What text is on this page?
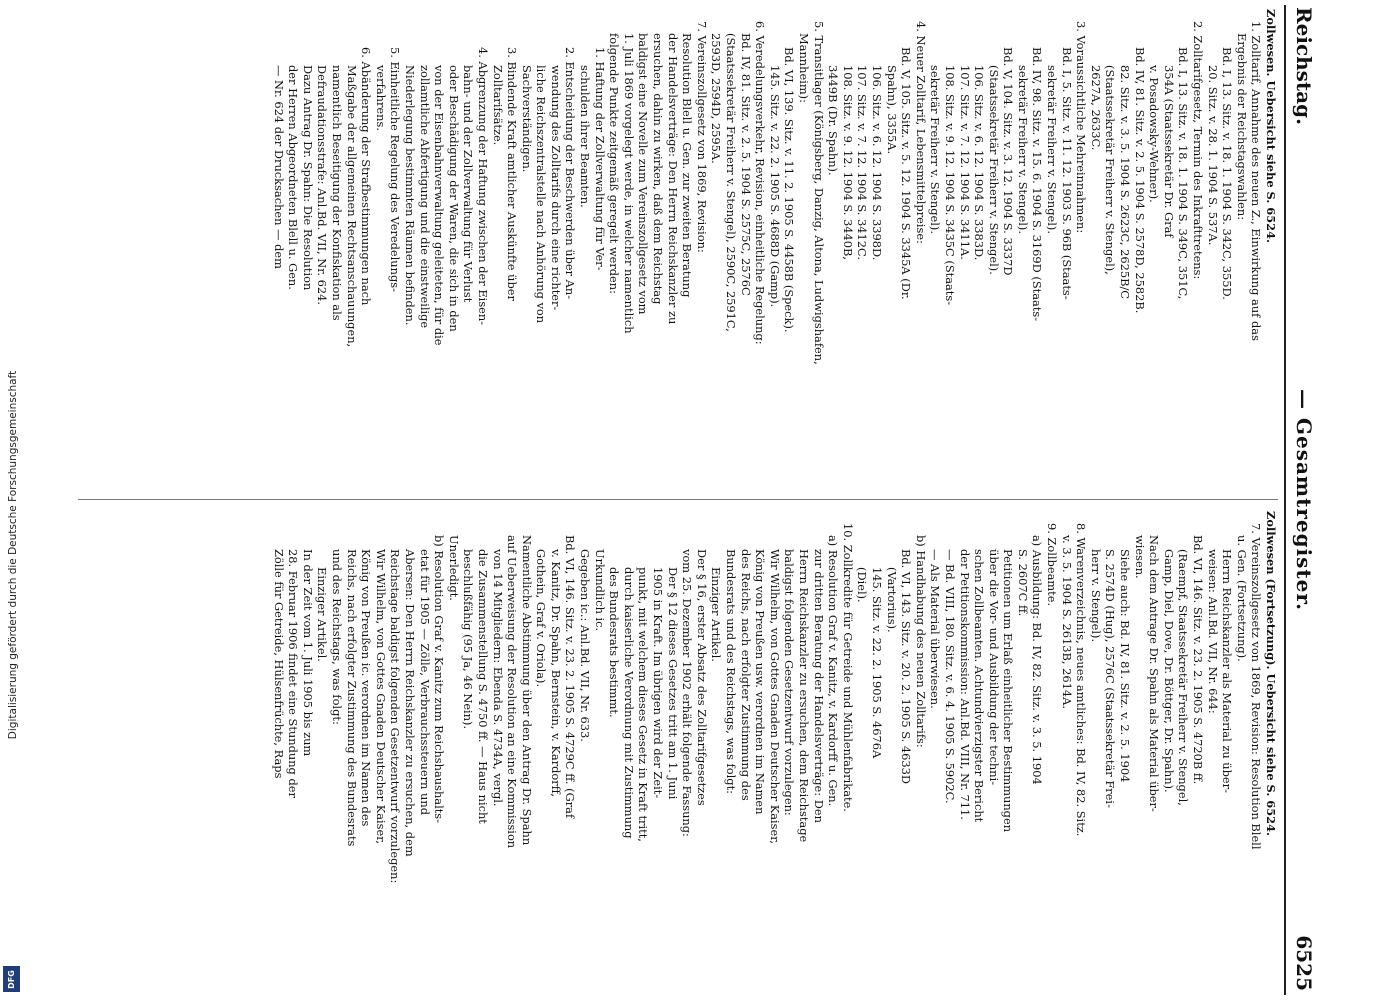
Digitalisierung gefördert durch die Deutsche Forschungsgemeinschaft
DFG
Reichstag.
— Gesamtregister.
6525

Zollwesen. Uebersicht siehe S. 6524.

1. Zolltarif, Annahme des neuen Z., Einwirkung auf das

Ergebnis der Reichstagswahlen:

Bd. I, 13. Sitz. v. 18. 1. 1904 S. 342C, 355D.

20. Sitz. v. 28. 1. 1904 S. 537A.

2. Zolltarifgesetz, Termin des Inkrafttretens:

Bd. I, 13. Sitz. v. 18. 1. 1904 S. 349C, 351C,

354A (Staatssekretär Dr. Graf

v. Posadowsky-Wehner).

Bd. IV, 81. Sitz. v. 2. 5. 1904 S. 2578D, 2582B.

82. Sitz. v. 3. 5. 1904 S. 2623C, 2625B/C

(Staatssekretär Freiherr v. Stengel),

2627A, 2633C.

3. Voraussichtliche Mehreinnahmen:

Bd. I, 5. Sitz. v. 11. 12. 1903 S. 96B (Staats-

sekretär Freiherr v. Stengel).

Bd. IV, 98. Sitz. v. 15. 6. 1904 S. 3169D (Staats-

sekretär Freiherr v. Stengel).

Bd. V, 104. Sitz. v. 3. 12. 1904 S. 3337D

(Staatssekretär Freiherr v. Stengel).

106. Sitz. v. 6. 12. 1904 S. 3383D.

107. Sitz. v. 7. 12. 1904 S. 3411A.

108. Sitz. v. 9. 12. 1904 S. 3435C (Staats-

sekretär Freiherr v. Stengel).

4. Neuer Zolltarif, Lebensmittelpreise:

Bd. V, 105. Sitz. v. 5. 12. 1904 S. 3345A (Dr.

Spahn), 3355A.

106. Sitz. v. 6. 12. 1904 S. 3398D.

107. Sitz. v. 7. 12. 1904 S. 3412C.

108. Sitz. v. 9. 12. 1904 S. 3440B,

3449B (Dr. Spahn).

5. Transitlager (Königsberg, Danzig, Altona, Ludwigshafen,

Mannheim):

Bd. VI, 139. Sitz. v. 11. 2. 1905 S. 4458B (Speck).

145. Sitz. v. 22. 2. 1905 S. 4688D (Gamp).

6. Veredelungsverkehr, Revision, einheitliche Regelung:

Bd. IV, 81. Sitz. v. 2. 5. 1904 S. 2575C, 2576C

(Staatssekretär Freiherr v. Stengel), 2590C, 2591C,

2593D, 2594D, 2595A.

7. Vereinszollgesetz von 1869, Revision:

Resolution Blell u. Gen. zur zweiten Beratung

der Handelsverträge: Den Herrn Reichskanzler zu

ersuchen, dahin zu wirken, daß dem Reichstag

baldigst eine Novelle zum Vereinszollgesetz vom

1. Juli 1869 vorgelegt werde, in welcher namentlich

folgende Punkte zeitgemäß geregelt werden:

1. Haftung der Zollverwaltung für Ver-

schulden ihrer Beamten.

2. Entscheidung der Beschwerden über An-

wendung des Zolltarifs durch eine richter-

liche Reichszentralstelle nach Anhörung von

Sachverständigen.

3. Bindende Kraft amtlicher Auskünfte über

Zolltarifsätze.

4. Abgrenzung der Haftung zwischen der Eisen-

bahn- und der Zollverwaltung für Verlust

oder Beschädigung der Waren, die sich in den

von der Eisenbahnverwaltung geleiteten, für die

zollamtliche Abfertigung und die einstweilige

Niederlegung bestimmten Räumen befinden.

5. Einheitliche Regelung des Veredelungs-

verfahrens.

6. Abänderung der Strafbestimmungen nach

Maßgabe der allgemeinen Rechtsanschauungen,

namentlich Beseitigung der Konfiskation als

Defraudationsstrafe: Anl.Bd. VII, Nr. 624.

Dazu Antrag Dr. Spahn: Die Resolution

der Herren Abgeordneten Blell u. Gen.

— Nr. 624 der Drucksachen — dem

Zollwesen (Fortsetzung). Uebersicht siehe S. 6524.

7. Vereinszollgesetz von 1869, Revision: Resolution Blell

u. Gen. (Fortsetzung).

Herrn Reichskanzler als Material zu über-

weisen: Anl.Bd. VII, Nr. 644:

Bd. VI, 146. Sitz. v. 23. 2. 1905 S. 4720B ff.

(Raempf, Staatssekretär Freiherr v. Stengel,

Gamp, Diel, Dove, Dr. Böttger, Dr. Spahn).

Nach dem Antrage Dr. Spahn als Material über-

wiesen.

Siehe auch: Bd. IV, 81. Sitz. v. 2. 5. 1904

S. 2574D (Hug), 2576C (Staatssekretär Frei-

herr v. Stengel).

8. Warenverzeichnis, neues amtliches: Bd. IV, 82. Sitz.

v. 3. 5. 1904 S. 2613B, 2614A.

9. Zollbeamte.

a) Ausbildung: Bd. IV, 82. Sitz. v. 3. 5. 1904

S. 2607C ff.

Petitionen um Erlaß einheitlicher Bestimmungen

über die Vor- und Ausbildung der techni-

schen Zollbeamten. Achtundvierzigster Bericht

der Petitionskommission: Anl.Bd. VIII, Nr. 711.

— Bd. VIII, 180. Sitz. v. 6. 4. 1905 S. 5902C.

— Als Material überwiesen.

b) Handhabung des neuen Zolltarifs:

Bd. VI, 143. Sitz. v. 20. 2. 1905 S. 4633D

(Vartorius).

145. Sitz. v. 22. 2. 1905 S. 4676A

(Diel).

10. Zollkredite für Getreide und Mühlenfabrikate.

a) Resolution Graf v. Kanitz, v. Kardorff u. Gen.

zur dritten Beratung der Handelsverträge: Den

Herrn Reichskanzler zu ersuchen, dem Reichstage

baldigst folgenden Gesetzentwurf vorzulegen:

Wir Wilhelm, von Gottes Gnaden Deutscher Kaiser,

König von Preußen usw. verordnen im Namen

des Reichs, nach erfolgter Zustimmung des

Bundesrats und des Reichstags, was folgt:

Einziger Artikel.

Der § 16, erster Absatz des Zolltarifgesetzes

vom 25. Dezember 1902 erhält folgende Fassung:

Der § 12 dieses Gesetzes tritt am 1. Juni

1905 in Kraft. Im übrigen wird der Zeit-

punkt, mit welchem dieses Gesetz in Kraft tritt,

durch kaiserliche Verordnung mit Zustimmung

des Bundesrats bestimmt.

Urkundlich ic.

Gegeben ic.: Anl.Bd. VII, Nr. 633.

Bd. VI, 146. Sitz. v. 23. 2. 1905 S. 4729C ff. (Graf

v. Kanitz, Dr. Spahn, Bernstein, v. Kardorff,

Gothein, Graf v. Oriola).

Namentliche Abstimmung über den Antrag Dr. Spahn

auf Ueberweisung der Resolution an eine Kommission

von 14 Mitgliedern: Ebenda S. 4734A, vergl.

die Zusammenstellung S. 4750 ff. — Haus nicht

beschlußfähig (95 Ja, 46 Nein).

Unerledigt.

b) Resolution Graf v. Kanitz zum Reichshaushalts-

etat für 1905 — Zölle, Verbrauchssteuern und

Abersen: Den Herrn Reichskanzler zu ersuchen, dem

Reichstage baldigst folgenden Gesetzentwurf vorzulegen:

Wir Wilhelm, von Gottes Gnaden Deutscher Kaiser,

König von Preußen ic. verordnen im Namen des

Reichs, nach erfolgter Zustimmung des Bundesrats

und des Reichstags, was folgt:

Einziger Artikel.

In der Zeit vom 1. Juli 1905 bis zum

28. Februar 1906 findet eine Stundung der

Zölle für Getreide, Hülsenfrüchte, Raps
